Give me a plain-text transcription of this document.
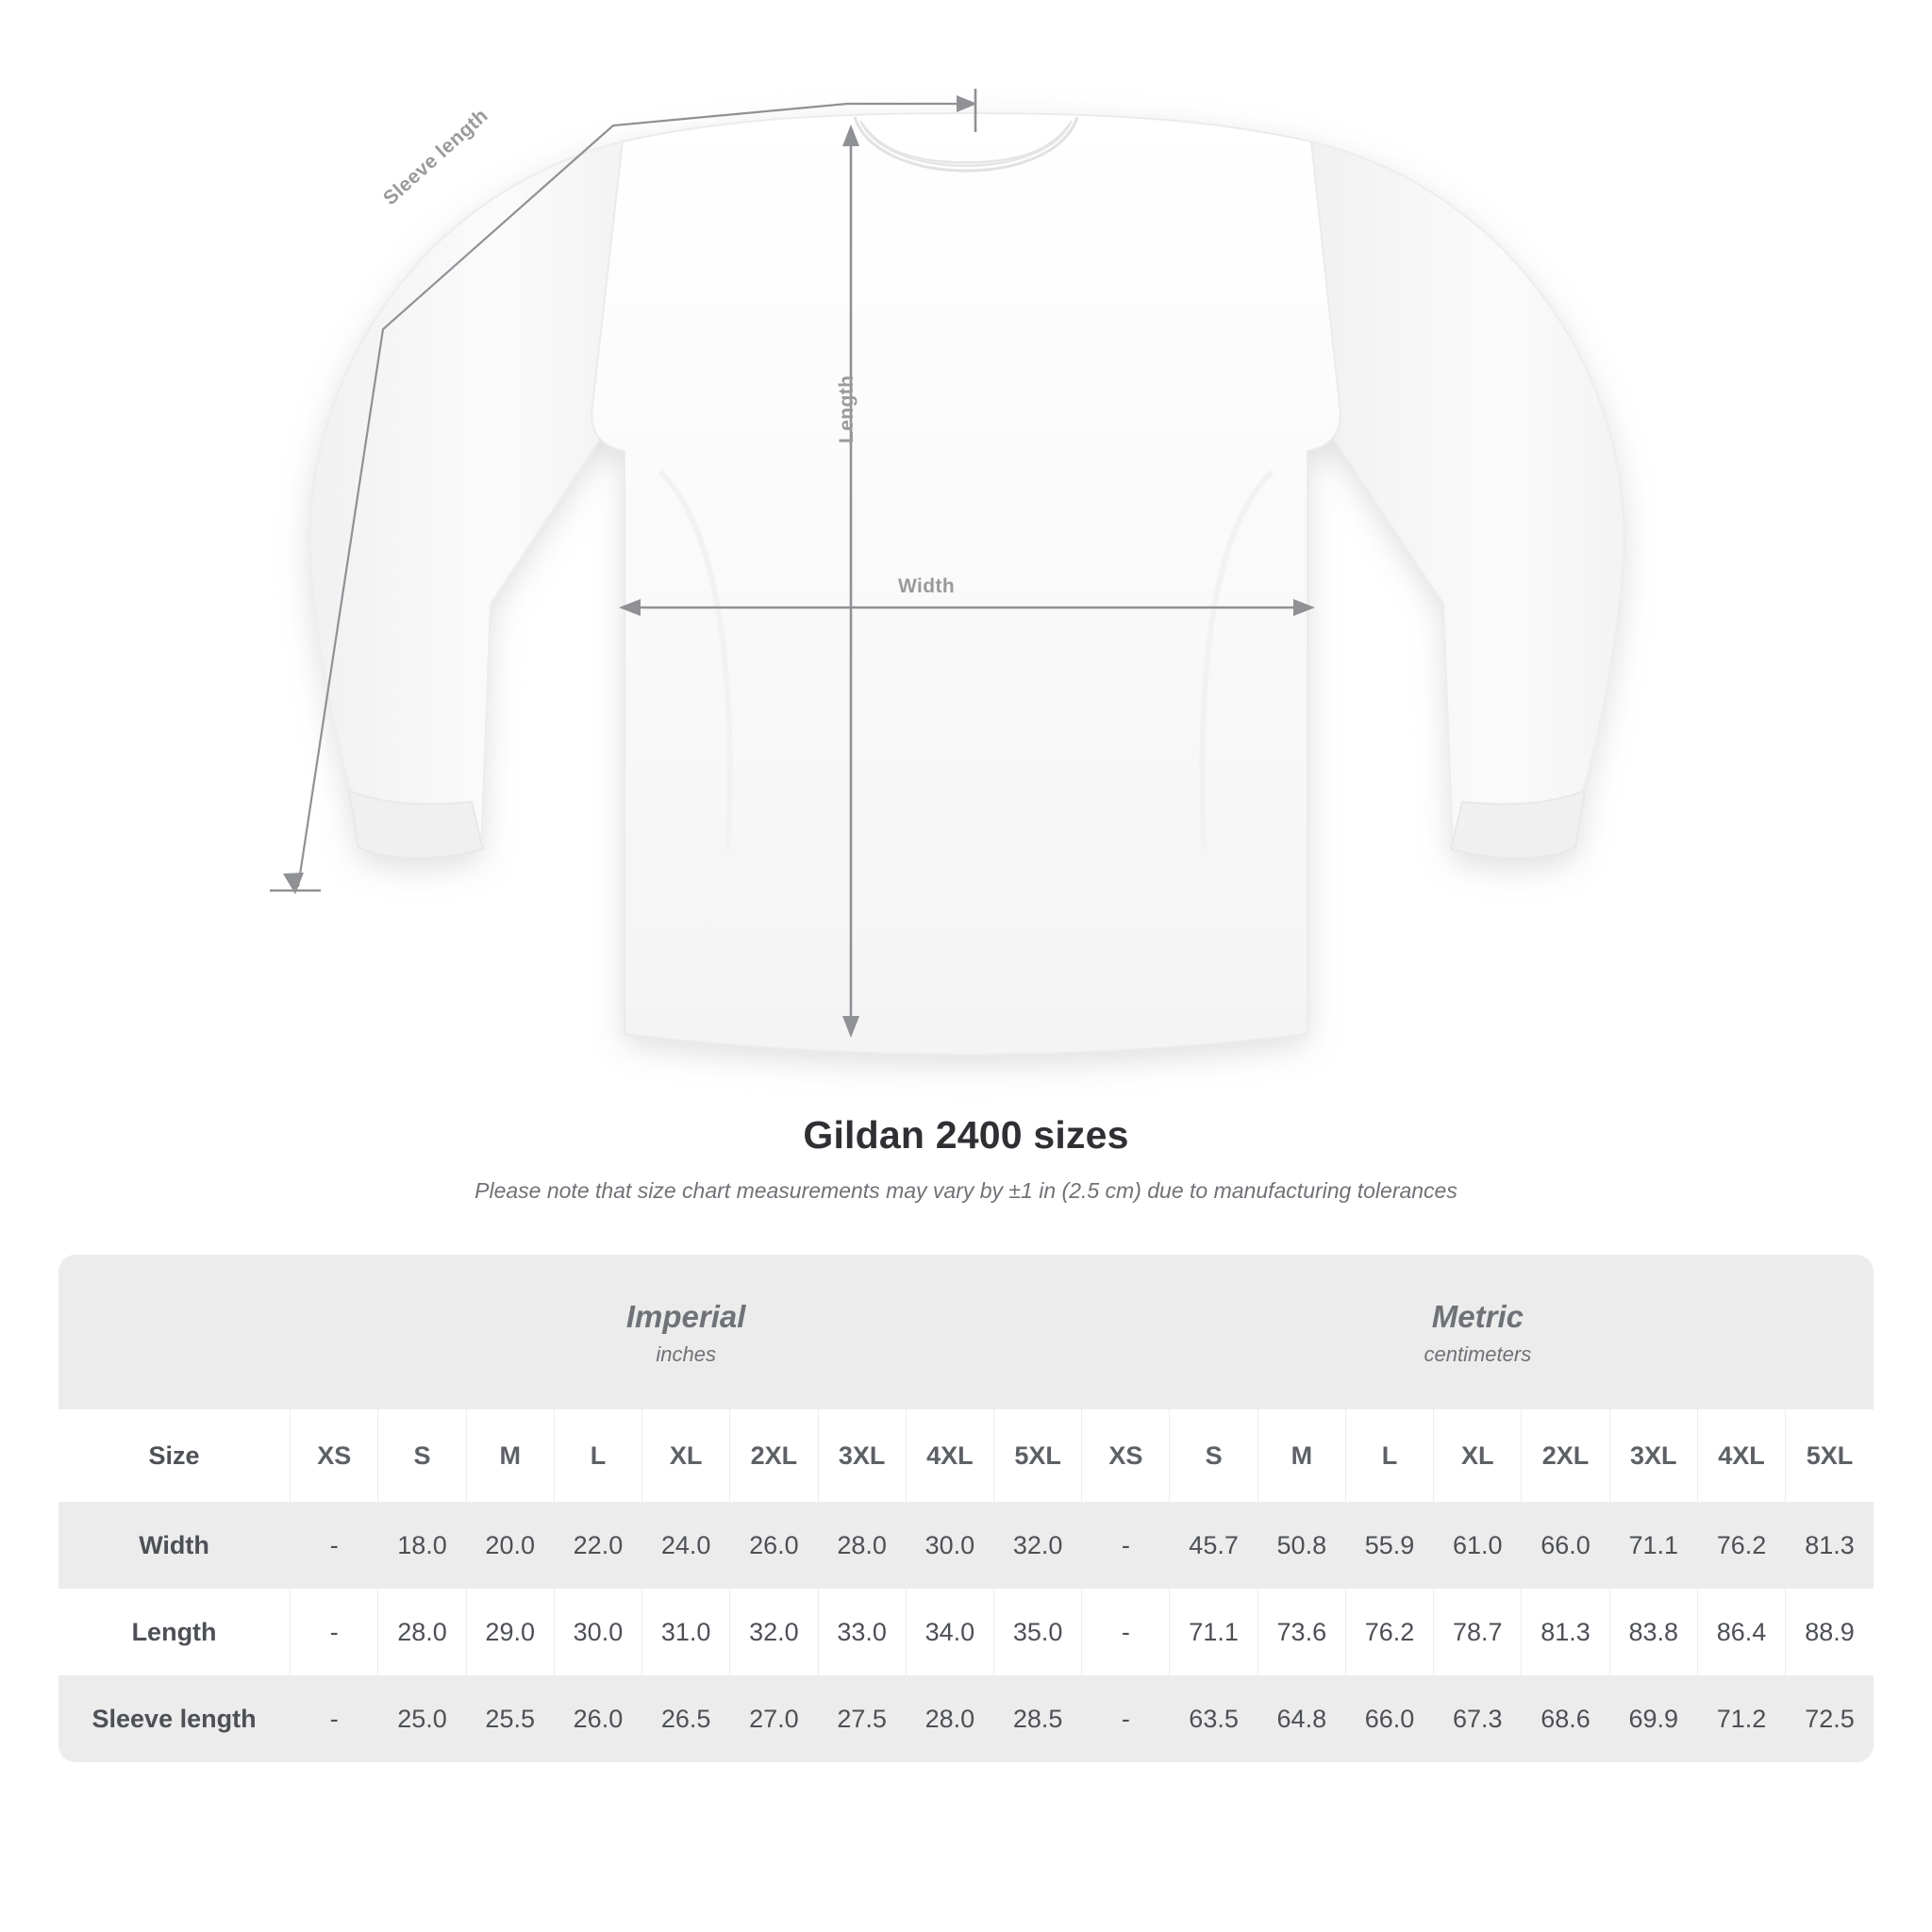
Width
Length
Sleeve length
Gildan 2400 sizes
Please note that size chart measurements may vary by ±1 in (2.5 cm) due to manufacturing tolerances

Imperial
inches

Metric
centimeters

Size	XS	S	M	L	XL	2XL	3XL	4XL	5XL	XS	S	M	L	XL	2XL	3XL	4XL	5XL
Width	-	18.0	20.0	22.0	24.0	26.0	28.0	30.0	32.0	-	45.7	50.8	55.9	61.0	66.0	71.1	76.2	81.3
Length	-	28.0	29.0	30.0	31.0	32.0	33.0	34.0	35.0	-	71.1	73.6	76.2	78.7	81.3	83.8	86.4	88.9
Sleeve length	-	25.0	25.5	26.0	26.5	27.0	27.5	28.0	28.5	-	63.5	64.8	66.0	67.3	68.6	69.9	71.2	72.5
